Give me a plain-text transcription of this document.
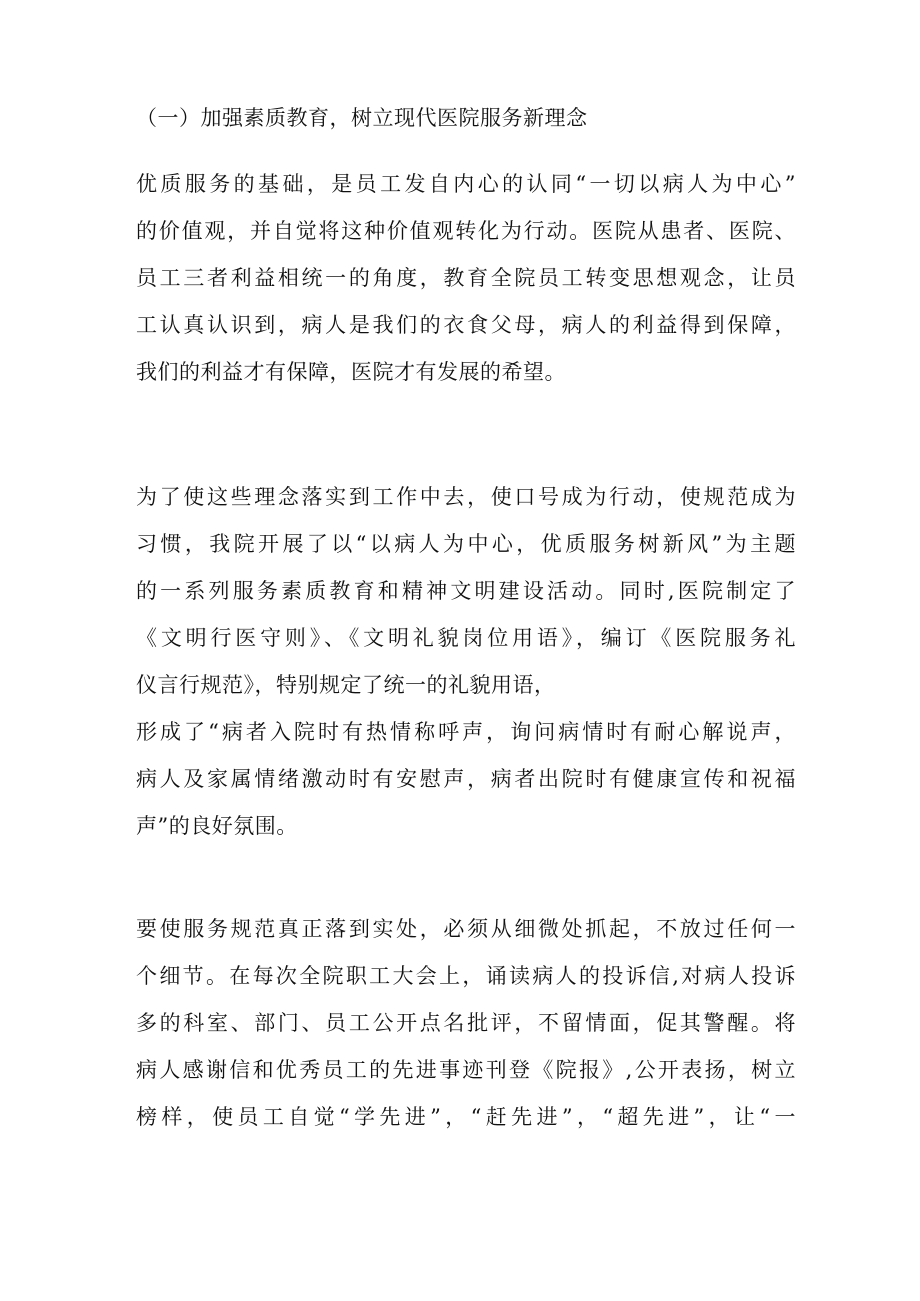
（一）加强素质教育，树立现代医院服务新理念
优质服务的基础，是员工发自内心的认同“一切以病人为中心”
的价值观，并自觉将这种价值观转化为行动。医院从患者、医院、
员工三者利益相统一的角度，教育全院员工转变思想观念，让员
工认真认识到，病人是我们的衣食父母，病人的利益得到保障，
我们的利益才有保障，医院才有发展的希望。
为了使这些理念落实到工作中去，使口号成为行动，使规范成为
习惯，我院开展了以“以病人为中心，优质服务树新风”为主题
的一系列服务素质教育和精神文明建设活动。同时,医院制定了
《文明行医守则》、《文明礼貌岗位用语》，编订《医院服务礼
仪言行规范》，特别规定了统一的礼貌用语，
形成了“病者入院时有热情称呼声，询问病情时有耐心解说声，
病人及家属情绪激动时有安慰声，病者出院时有健康宣传和祝福
声”的良好氛围。
要使服务规范真正落到实处，必须从细微处抓起，不放过任何一
个细节。在每次全院职工大会上，诵读病人的投诉信,对病人投诉
多的科室、部门、员工公开点名批评，不留情面，促其警醒。将
病人感谢信和优秀员工的先进事迹刊登《院报》,公开表扬，树立
榜样，使员工自觉“学先进”，“赶先进”，“超先进”，让“一
